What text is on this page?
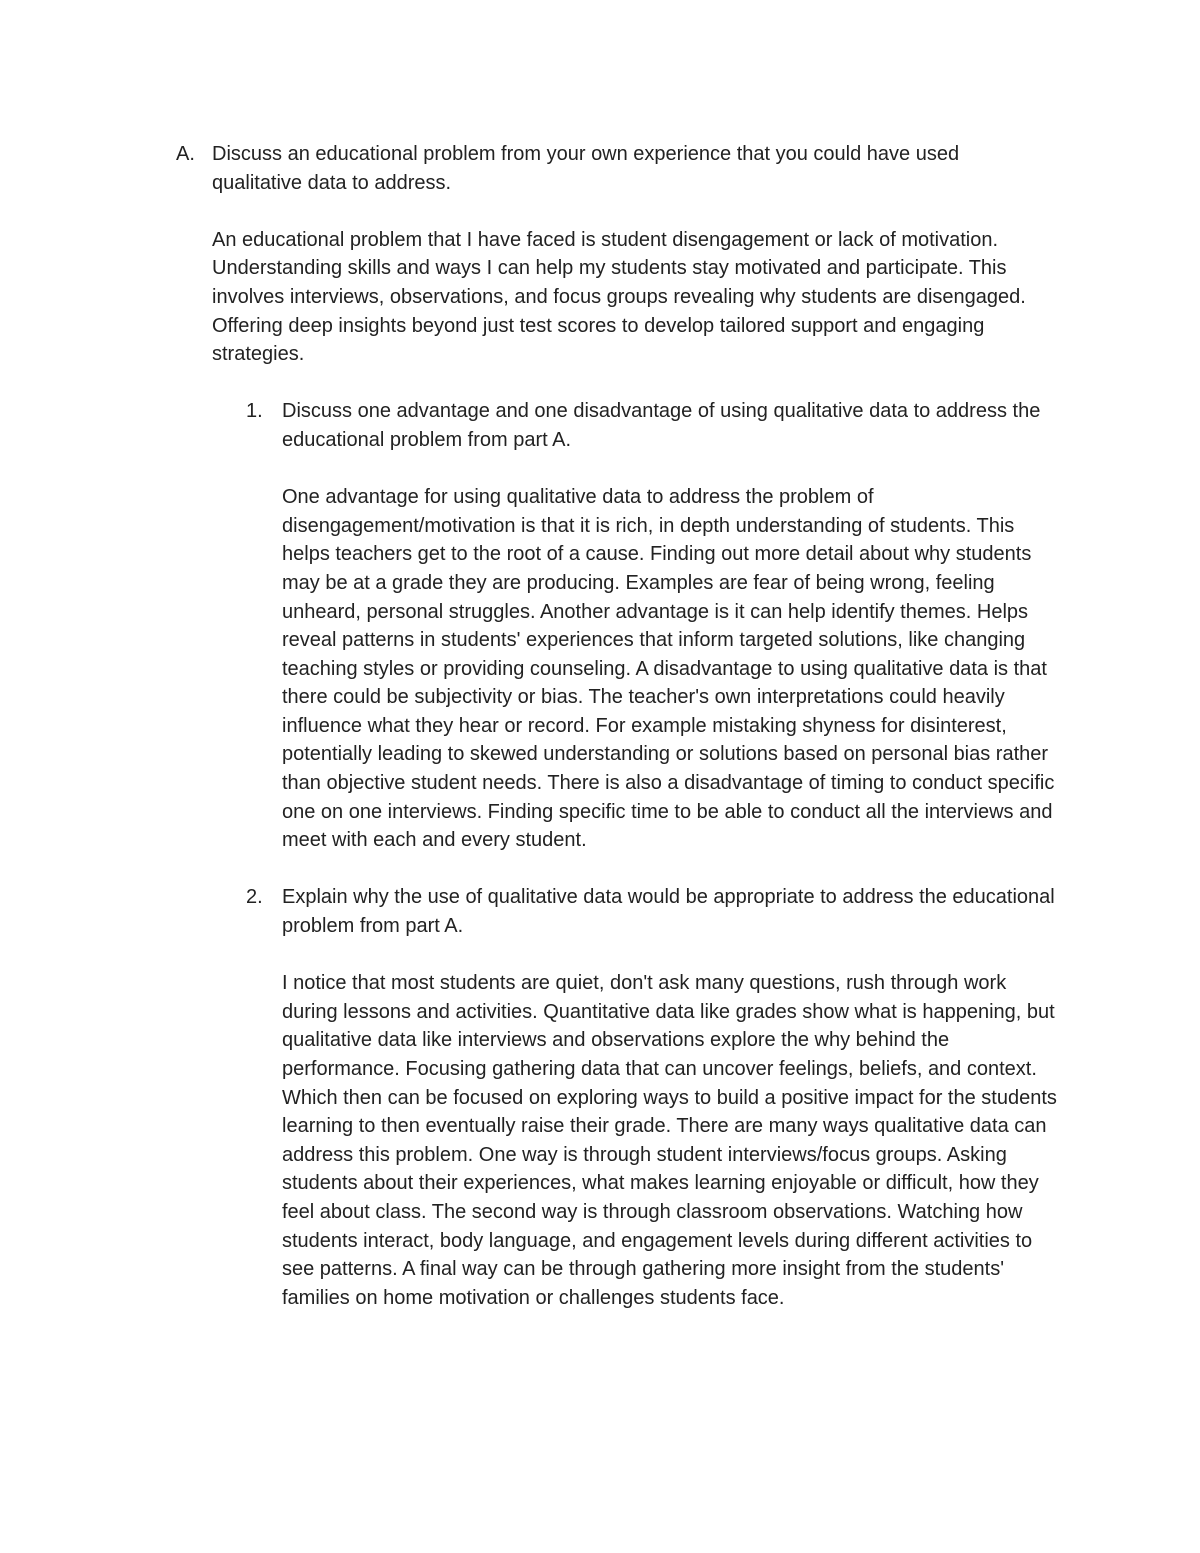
A. Discuss an educational problem from your own experience that you could have used qualitative data to address.

An educational problem that I have faced is student disengagement or lack of motivation. Understanding skills and ways I can help my students stay motivated and participate. This involves interviews, observations, and focus groups revealing why students are disengaged. Offering deep insights beyond just test scores to develop tailored support and engaging strategies.

1. Discuss one advantage and one disadvantage of using qualitative data to address the educational problem from part A.

One advantage for using qualitative data to address the problem of disengagement/motivation is that it is rich, in depth understanding of students. This helps teachers get to the root of a cause. Finding out more detail about why students may be at a grade they are producing. Examples are fear of being wrong, feeling unheard, personal struggles. Another advantage is it can help identify themes. Helps reveal patterns in students' experiences that inform targeted solutions, like changing teaching styles or providing counseling. A disadvantage to using qualitative data is that there could be subjectivity or bias. The teacher's own interpretations could heavily influence what they hear or record. For example mistaking shyness for disinterest, potentially leading to skewed understanding or solutions based on personal bias rather than objective student needs. There is also a disadvantage of timing to conduct specific one on one interviews. Finding specific time to be able to conduct all the interviews and meet with each and every student.

2. Explain why the use of qualitative data would be appropriate to address the educational problem from part A.

I notice that most students are quiet, don't ask many questions, rush through work during lessons and activities. Quantitative data like grades show what is happening, but qualitative data like interviews and observations explore the why behind the performance. Focusing gathering data that can uncover feelings, beliefs, and context. Which then can be focused on exploring ways to build a positive impact for the students learning to then eventually raise their grade. There are many ways qualitative data can address this problem. One way is through student interviews/focus groups. Asking students about their experiences, what makes learning enjoyable or difficult, how they feel about class. The second way is through classroom observations. Watching how students interact, body language, and engagement levels during different activities to see patterns. A final way can be through gathering more insight from the students' families on home motivation or challenges students face.
